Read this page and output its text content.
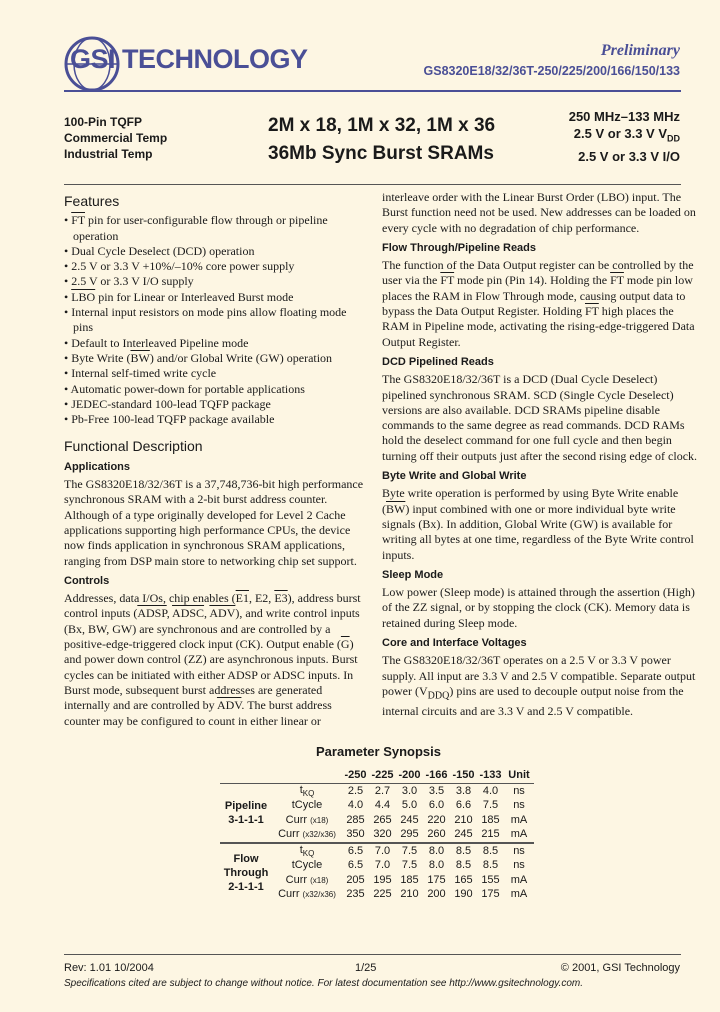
GSI TECHNOLOGY	Preliminary
GS8320E18/32/36T-250/225/200/166/150/133
100-Pin TQFP
Commercial Temp
Industrial Temp
2M x 18, 1M x 32, 1M x 36
36Mb Sync Burst SRAMs
250 MHz–133 MHz
2.5 V or 3.3 V $V_{DD}$
2.5 V or 3.3 V I/O
Features
• $\overline{FT}$ pin for user-configurable flow through or pipeline operation
• Dual Cycle Deselect (DCD) operation
• 2.5 V or 3.3 V +10%/–10% core power supply
• 2.5 V or 3.3 V I/O supply
• $\overline{LBO}$ pin for Linear or Interleaved Burst mode
• Internal input resistors on mode pins allow floating mode pins
• Default to Interleaved Pipeline mode
• Byte Write $(\overline{BW})$ and/or Global Write (GW) operation
• Internal self-timed write cycle
• Automatic power-down for portable applications
• JEDEC-standard 100-lead TQFP package
• Pb-Free 100-lead TQFP package available
Functional Description
Applications

The GS8320E18/32/36T is a 37,748,736-bit high performance synchronous SRAM with a 2-bit burst address counter. Although of a type originally developed for Level 2 Cache applications supporting high performance CPUs, the device now finds application in synchronous SRAM applications, ranging from DSP main store to networking chip set support.

Controls

Addresses, data I/Os, chip enables (E1, E2, E3), address burst control inputs (ADSP, ADSC, $\overline{ADV}$), and write control inputs (Bx, BW, GW) are synchronous and are controlled by a positive-edge-triggered clock input (CK). Output enable $(\overline{G})$ and power down control (ZZ) are asynchronous inputs. Burst cycles can be initiated with either ADSP or ADSC inputs. In Burst mode, subsequent burst addresses are generated internally and are controlled by $\overline{ADV}$. The burst address counter may be configured to count in either linear or

interleave order with the Linear Burst Order (LBO) input. The Burst function need not be used. New addresses can be loaded on every cycle with no degradation of chip performance.

Flow Through/Pipeline Reads

The function of the Data Output register can be controlled by the user via the $\overline{FT}$ mode pin (Pin 14). Holding the $\overline{FT}$ mode pin low places the RAM in Flow Through mode, causing output data to bypass the Data Output Register. Holding $\overline{FT}$ high places the RAM in Pipeline mode, activating the rising-edge-triggered Data Output Register.

DCD Pipelined Reads

The GS8320E18/32/36T is a DCD (Dual Cycle Deselect) pipelined synchronous SRAM. SCD (Single Cycle Deselect) versions are also available. DCD SRAMs pipeline disable commands to the same degree as read commands. DCD RAMs hold the deselect command for one full cycle and then begin turning off their outputs just after the second rising edge of clock.

Byte Write and Global Write

Byte write operation is performed by using Byte Write enable $(\overline{BW})$ input combined with one or more individual byte write signals (Bx). In addition, Global Write (GW) is available for writing all bytes at one time, regardless of the Byte Write control inputs.

Sleep Mode

Low power (Sleep mode) is attained through the assertion (High) of the ZZ signal, or by stopping the clock (CK). Memory data is retained during Sleep mode.

Core and Interface Voltages

The GS8320E18/32/36T operates on a 2.5 V or 3.3 V power supply. All input are 3.3 V and 2.5 V compatible. Separate output power $(V_{DDQ})$ pins are used to decouple output noise from the internal circuits and are 3.3 V and 2.5 V compatible.

Parameter Synopsis
		-250	-225	-200	-166	-150	-133	Unit

Pipeline
3-1-1-1	$t_{KQ}$	2.5	2.7	3.0	3.5	3.8	4.0	ns
	tCycle	4.0	4.4	5.0	6.0	6.6	7.5	ns
	Curr (x18)	285	265	245	220	210	185	mA
	Curr (x32/x36)	350	320	295	260	245	215	mA

Flow
Through
2-1-1-1	$t_{KQ}$	6.5	7.0	7.5	8.0	8.5	8.5	ns
	tCycle	6.5	7.0	7.5	8.0	8.5	8.5	ns
	Curr (x18)	205	195	185	175	165	155	mA
	Curr (x32/x36)	235	225	210	200	190	175	mA
Rev: 1.01 10/2004	1/25	© 2001, GSI Technology
Specifications cited are subject to change without notice. For latest documentation see http://www.gsitechnology.com.
